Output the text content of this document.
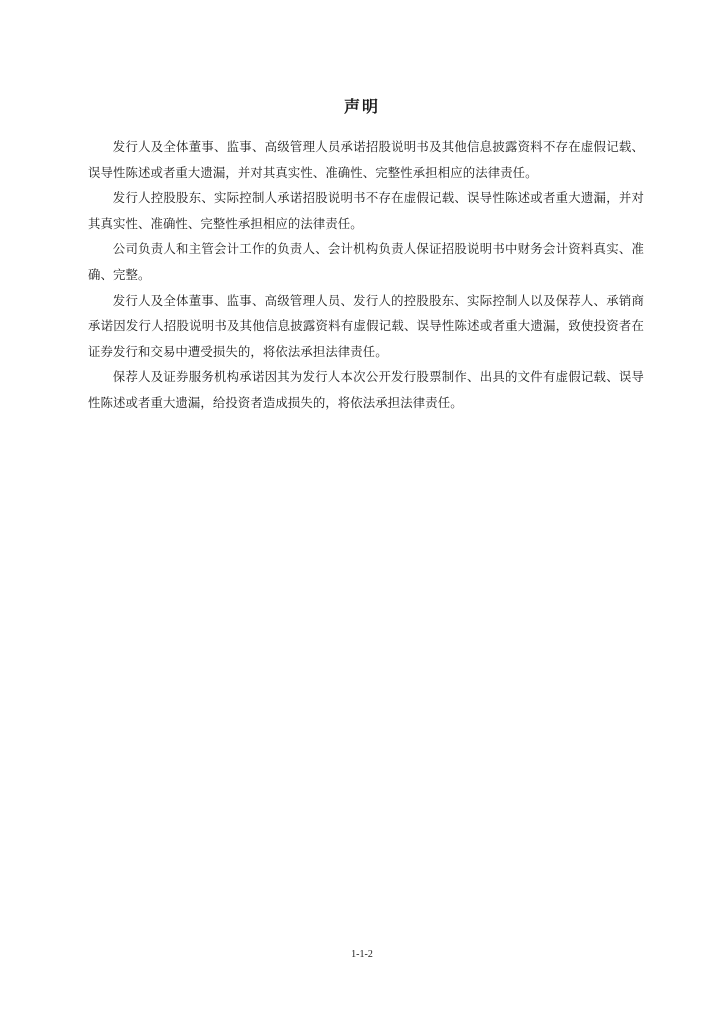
声明

发行人及全体董事、监事、高级管理人员承诺招股说明书及其他信息披露资料不存在虚假记载、误导性陈述或者重大遗漏，并对其真实性、准确性、完整性承担相应的法律责任。

发行人控股股东、实际控制人承诺招股说明书不存在虚假记载、误导性陈述或者重大遗漏，并对其真实性、准确性、完整性承担相应的法律责任。

公司负责人和主管会计工作的负责人、会计机构负责人保证招股说明书中财务会计资料真实、准确、完整。

发行人及全体董事、监事、高级管理人员、发行人的控股股东、实际控制人以及保荐人、承销商承诺因发行人招股说明书及其他信息披露资料有虚假记载、误导性陈述或者重大遗漏，致使投资者在证券发行和交易中遭受损失的，将依法承担法律责任。

保荐人及证券服务机构承诺因其为发行人本次公开发行股票制作、出具的文件有虚假记载、误导性陈述或者重大遗漏，给投资者造成损失的，将依法承担法律责任。

1-1-2
